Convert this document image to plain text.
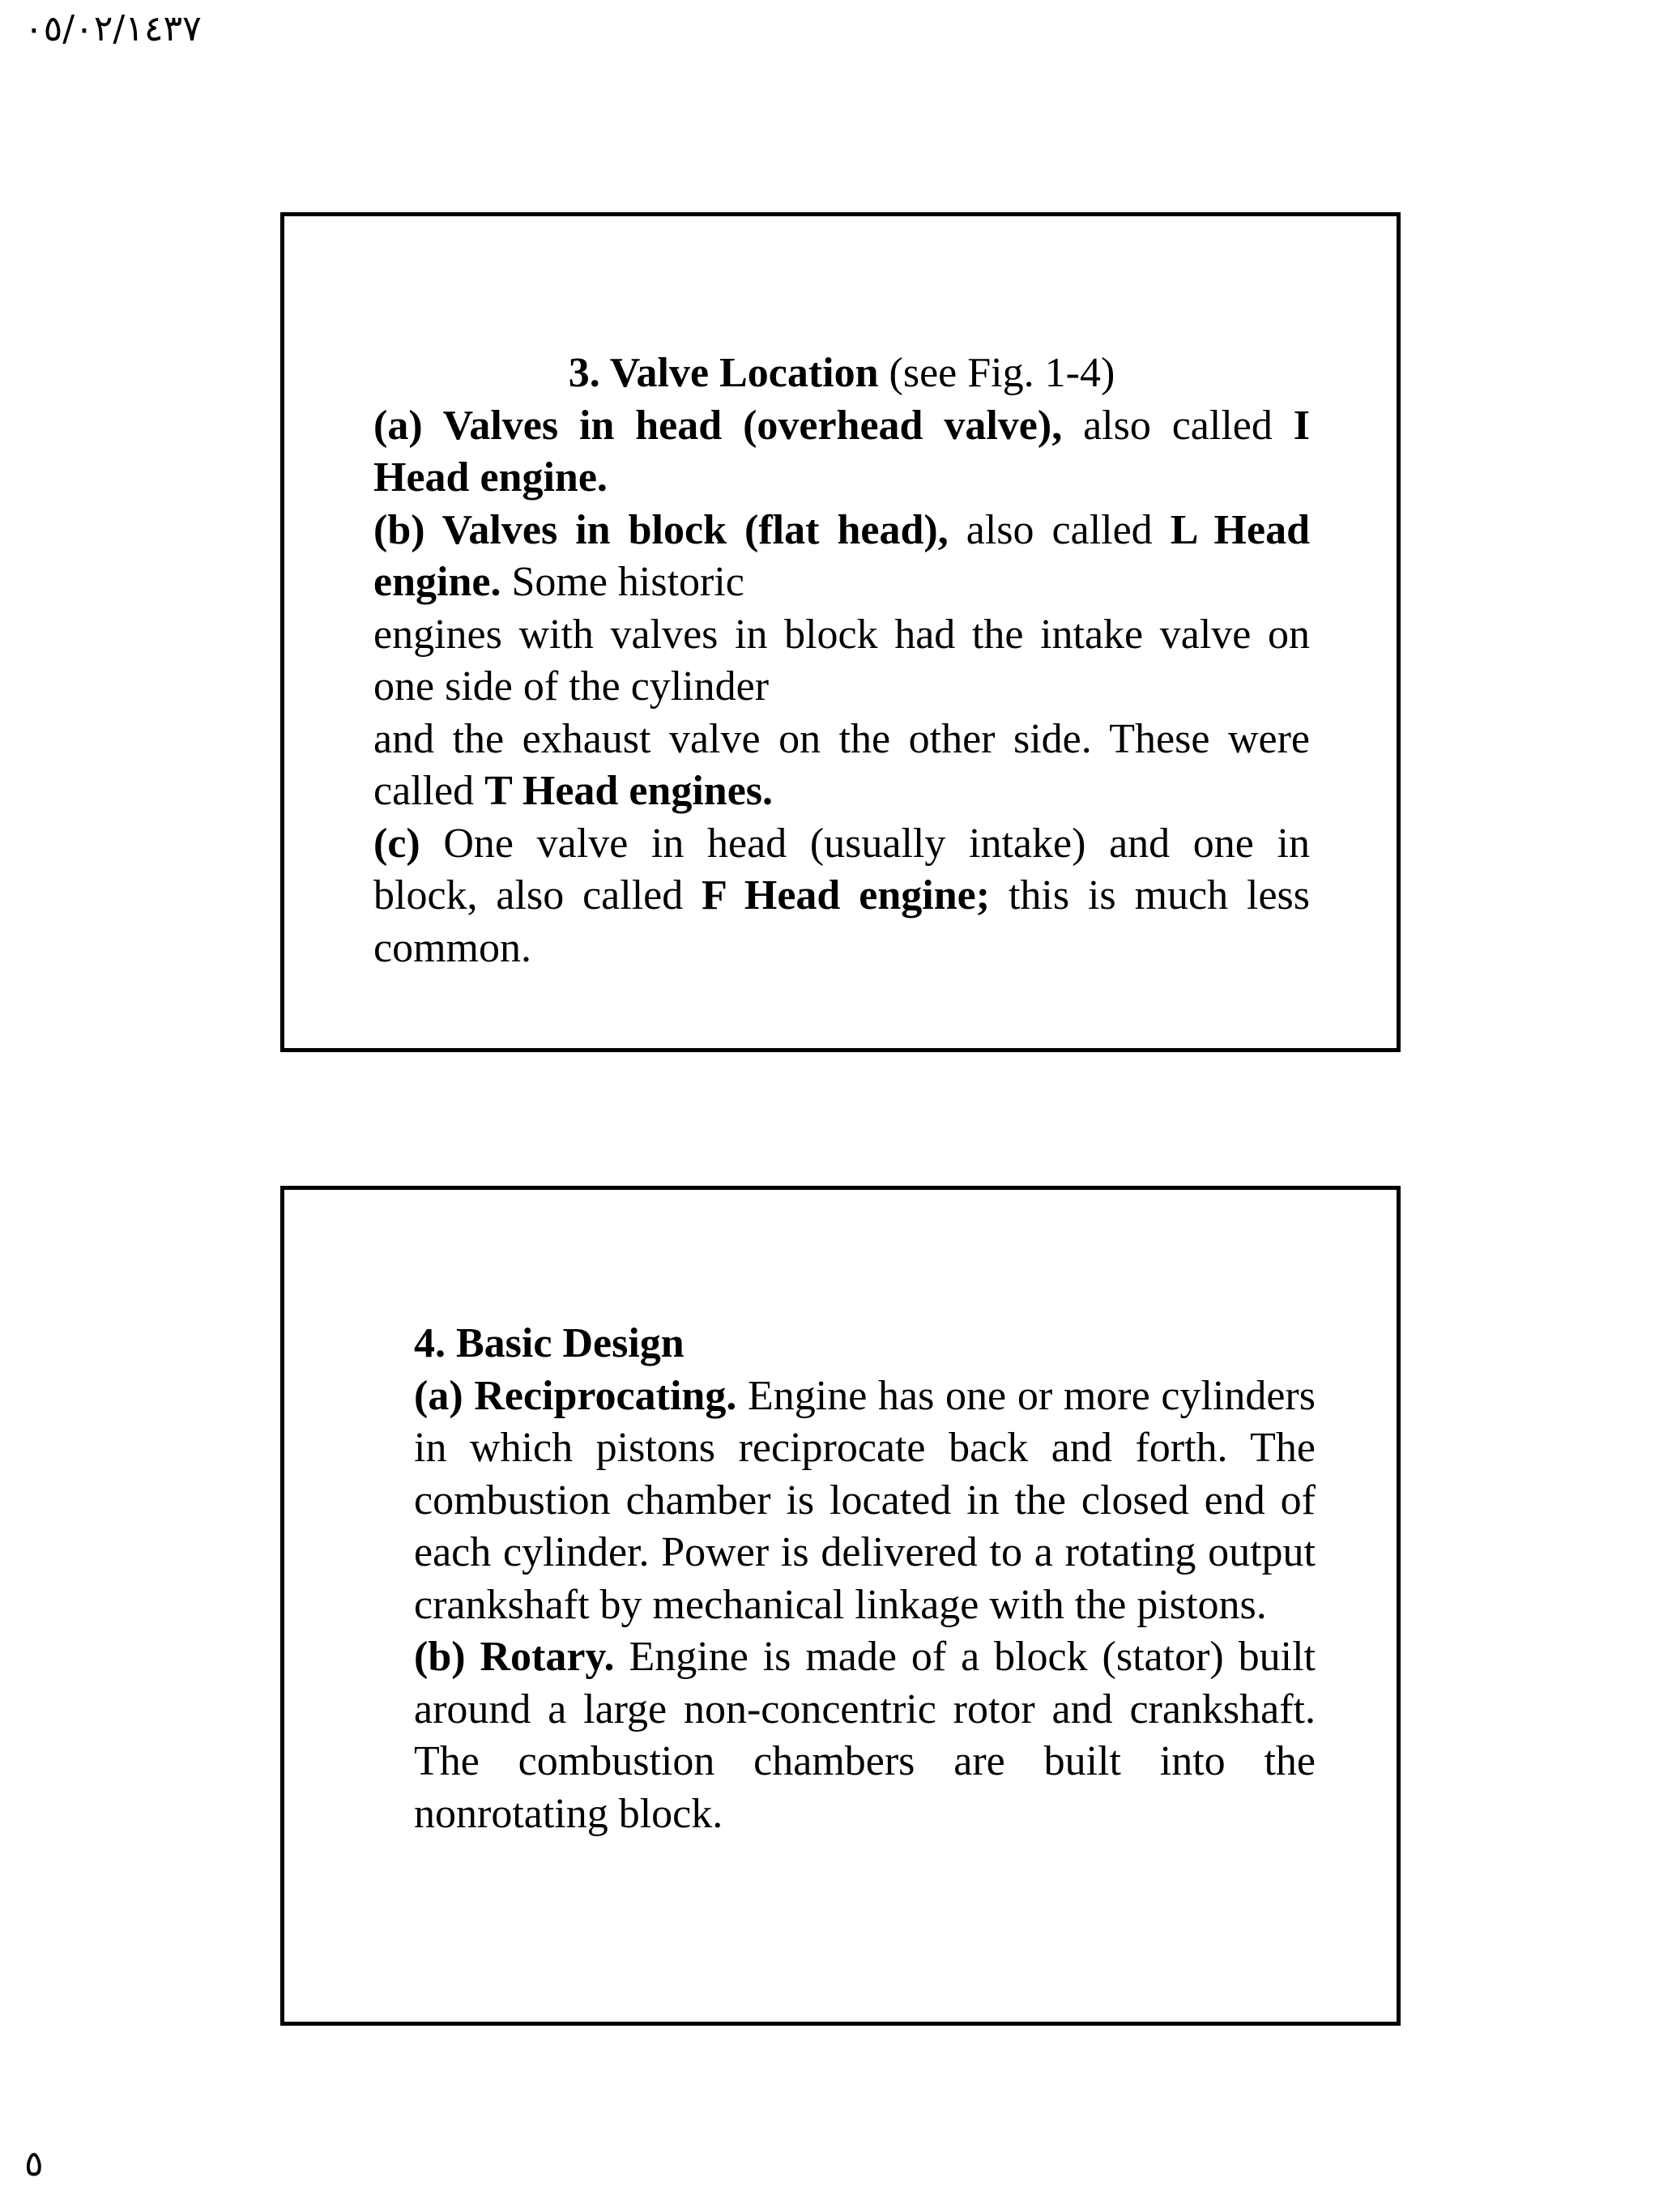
٠٥/٠٢/١٤٣٧
3. Valve Location (see Fig. 1-4)

(a) Valves in head (overhead valve), also called I Head engine.

(b) Valves in block (flat head), also called L Head engine. Some historic

engines with valves in block had the intake valve on one side of the cylinder

and the exhaust valve on the other side. These were called T Head engines.

(c) One valve in head (usually intake) and one in block, also called F Head engine; this is much less common.

4. Basic Design

(a) Reciprocating. Engine has one or more cylinders in which pistons reciprocate back and forth. The combustion chamber is located in the closed end of each cylinder. Power is delivered to a rotating output crankshaft by mechanical linkage with the pistons.

(b) Rotary. Engine is made of a block (stator) built around a large non-concentric rotor and crankshaft. The combustion chambers are built into the nonrotating block.

٥
